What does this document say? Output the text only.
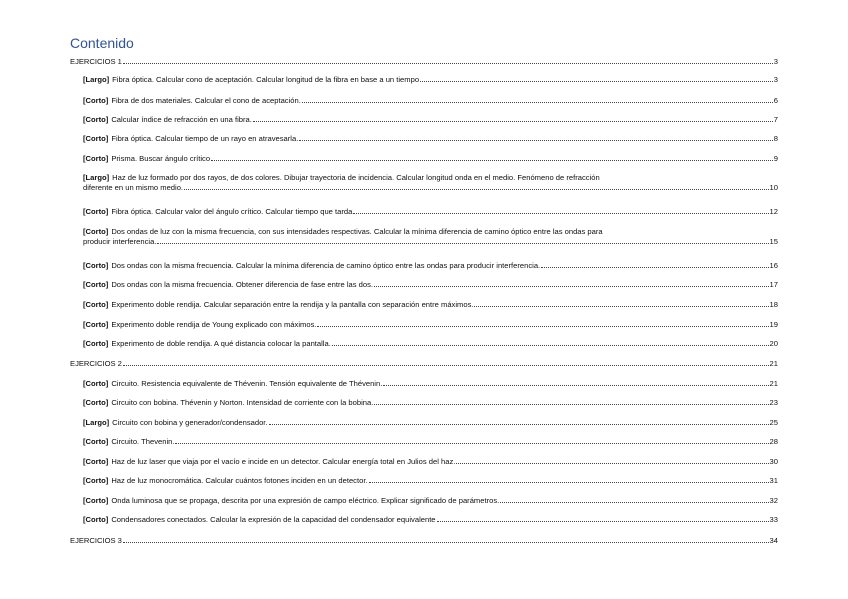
Contenido
EJERCICIOS 1	3
[Largo] Fibra óptica. Calcular cono de aceptación. Calcular longitud de la fibra en base a un tiempo	3
[Corto] Fibra de dos materiales. Calcular el cono de aceptación.	6
[Corto] Calcular índice de refracción en una fibra.	7
[Corto] Fibra óptica. Calcular tiempo de un rayo en atravesarla.	8
[Corto] Prisma. Buscar ángulo crítico	9
[Largo] Haz de luz formado por dos rayos, de dos colores. Dibujar trayectoria de incidencia. Calcular longitud onda en el medio. Fenómeno de refracción
diferente en un mismo medio.	10
[Corto] Fibra óptica. Calcular valor del ángulo crítico. Calcular tiempo que tarda	12
[Corto] Dos ondas de luz con la misma frecuencia, con sus intensidades respectivas. Calcular la mínima diferencia de camino óptico entre las ondas para
producir interferencia.	15
[Corto] Dos ondas con la misma frecuencia. Calcular la mínima diferencia de camino óptico entre las ondas para producir interferencia.	16
[Corto] Dos ondas con la misma frecuencia. Obtener diferencia de fase entre las dos.	17
[Corto] Experimento doble rendija. Calcular separación entre la rendija y la pantalla con separación entre máximos.	18
[Corto] Experimento doble rendija de Young explicado con máximos.	19
[Corto] Experimento de doble rendija. A qué distancia colocar la pantalla.	20
EJERCICIOS 2	21
[Corto] Circuito. Resistencia equivalente de Thévenin. Tensión equivalente de Thévenin.	21
[Corto] Circuito con bobina. Thévenin y Norton. Intensidad de corriente con la bobina.	23
[Largo] Circuito con bobina y generador/condensador.	25
[Corto] Circuito. Thevenin.	28
[Corto] Haz de luz laser que viaja por el vacío e incide en un detector. Calcular energía total en Julios del haz.	30
[Corto] Haz de luz monocromática. Calcular cuántos fotones inciden en un detector.	31
[Corto] Onda luminosa que se propaga, descrita por una expresión de campo eléctrico. Explicar significado de parámetros.	32
[Corto] Condensadores conectados. Calcular la expresión de la capacidad del condensador equivalente	33
EJERCICIOS 3	34
